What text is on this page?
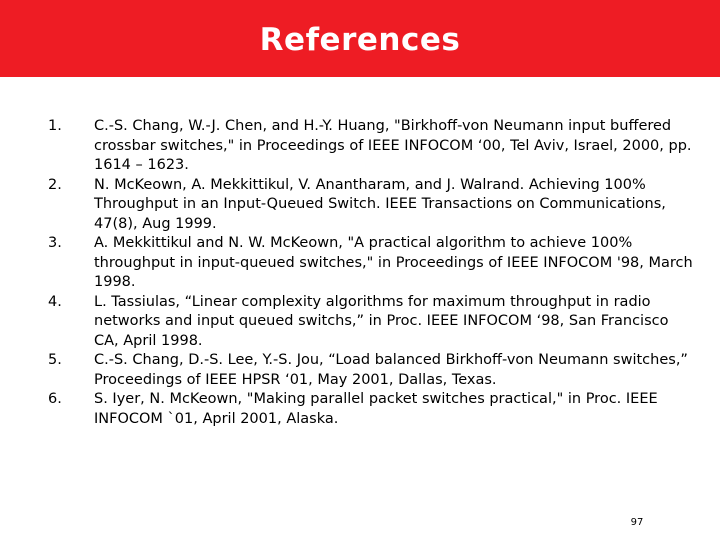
References
1.	C.-S. Chang, W.-J. Chen, and H.-Y. Huang, "Birkhoff-von Neumann input buffered crossbar switches," in Proceedings of IEEE INFOCOM ‘00, Tel Aviv, Israel, 2000, pp. 1614 – 1623.
2.	N. McKeown, A. Mekkittikul, V. Anantharam, and J. Walrand. Achieving 100% Throughput in an Input-Queued Switch. IEEE Transactions on Communications, 47(8), Aug 1999.
3.	A. Mekkittikul and N. W. McKeown, "A practical algorithm to achieve 100% throughput in input-queued switches," in Proceedings of IEEE INFOCOM '98, March 1998.
4.	L. Tassiulas, “Linear complexity algorithms for maximum throughput in radio networks and input queued switchs,” in Proc. IEEE INFOCOM ‘98, San Francisco CA, April 1998.
5.	C.-S. Chang, D.-S. Lee, Y.-S. Jou, “Load balanced Birkhoff-von Neumann switches,” Proceedings of IEEE HPSR ‘01, May 2001, Dallas, Texas.
6.	S. Iyer, N. McKeown, "Making parallel packet switches practical," in Proc. IEEE INFOCOM `01, April 2001, Alaska.
97
